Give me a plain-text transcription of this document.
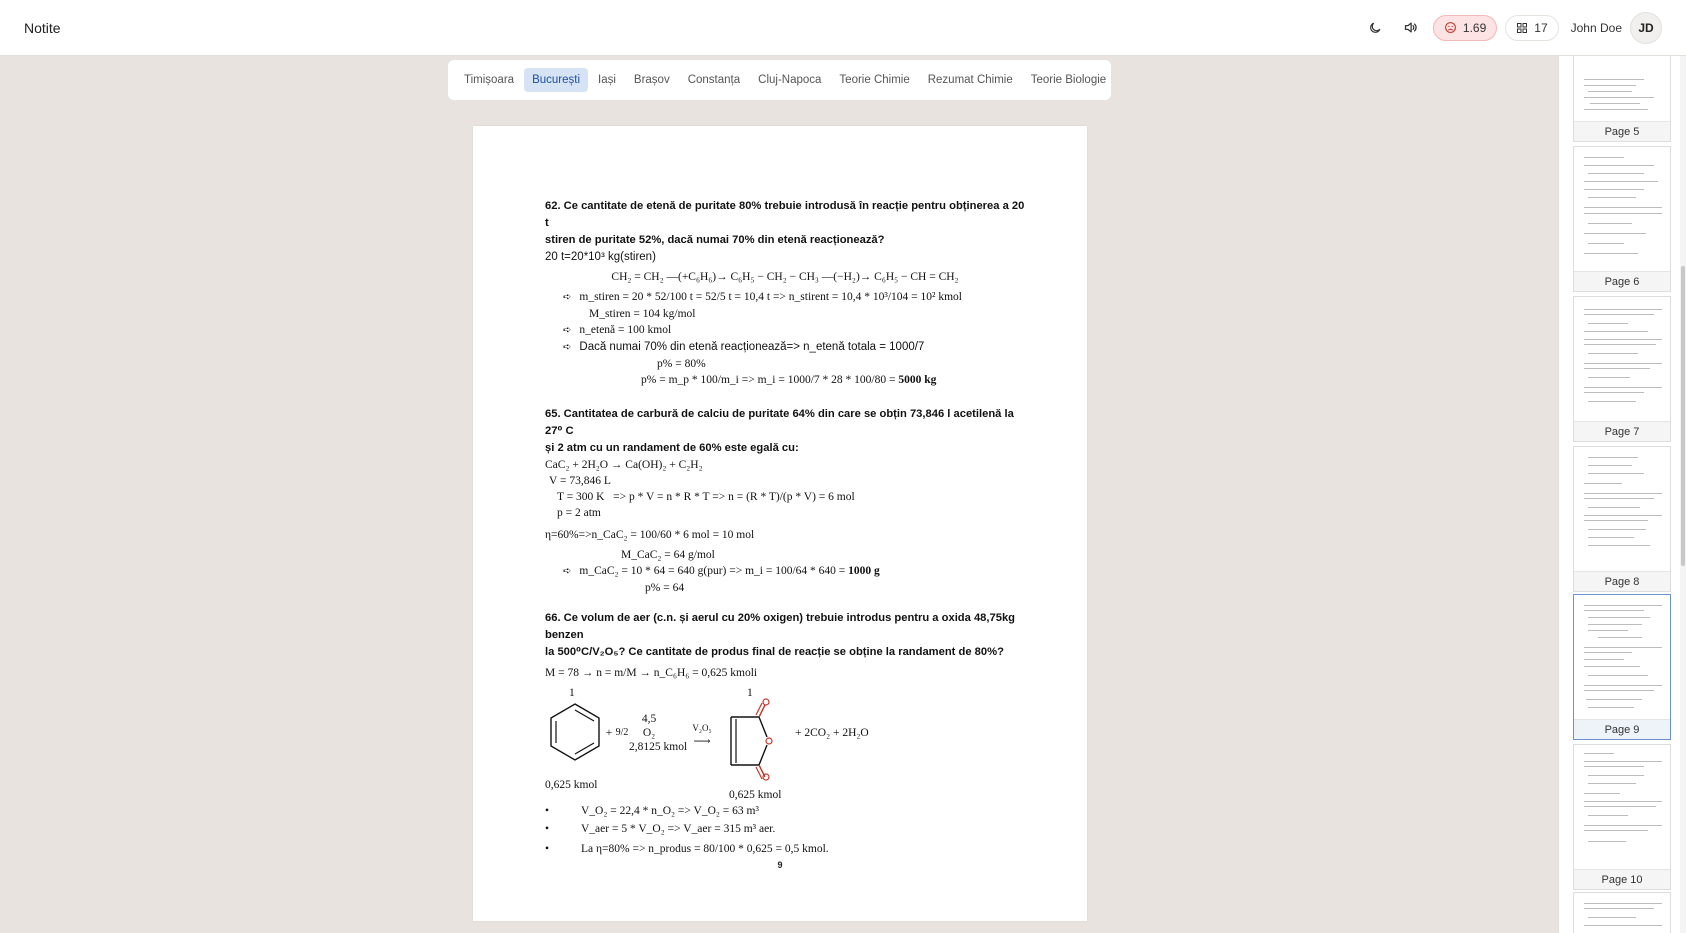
Notite	1.69	17 John Doe	JD
Timișoara	București	Iași	Brașov	Constanța	Cluj-Napoca	Teorie Chimie	Rezumat Chimie	Teorie Biologie
62. Ce cantitate de etenă de puritate 80% trebuie introdusă în reacție pentru obținerea a 20 t
stiren de puritate 52%, dacă numai 70% din etenă reacționează?
20 t=20*10³ kg(stiren)
CH₂ = CH₂ —(+C₆H₆)→ C₆H₅ − CH₂ − CH₃ —(−H₂)→ C₆H₅ − CH = CH₂
➪ m_stiren = 20 * 52/100 t = 52/5 t = 10,4 t => n_stirent = 10,4 * 10³/104 = 10² kmol
M_stiren = 104 kg/mol
➪ n_etenă = 100 kmol
➪ Dacă numai 70% din etenă reacționează=> n_etenă totala = 1000/7
p% = 80%
p% = m_p * 100/m_i => m_i = 1000/7 * 28 * 100/80 = 5000 kg
65. Cantitatea de carbură de calciu de puritate 64% din care se obțin 73,846 l acetilenă la 27⁰ C
și 2 atm cu un randament de 60% este egală cu:
CaC₂ + 2H₂O → Ca(OH)₂ + C₂H₂
V = 73,846 L
T = 300 K => p * V = n * R * T => n = (R * T)/(p * V) = 6 mol
p = 2 atm
η=60%=>n_CaC₂ = 100/60 * 6 mol = 10 mol
M_CaC₂ = 64 g/mol
➪ m_CaC₂ = 10 * 64 = 640 g(pur) => m_i = 100/64 * 640 = 1000 g
p% = 64
66. Ce volum de aer (c.n. și aerul cu 20% oxigen) trebuie introdus pentru a oxida 48,75kg benzen
la 500⁰C/V₂O₅? Ce cantitate de produs final de reacție se obține la randament de 80%?
M = 78 → n = m/M → n_C₆H₆ = 0,625 kmoli
1
+ 9/2
4,5
O₂
2,8125 kmol
V₂O₅
⟶
1
+ 2CO₂ + 2H₂O
0,625 kmol
0,625 kmol
•	V_O₂ = 22,4 * n_O₂ => V_O₂ = 63 m³
•	V_aer = 5 * V_O₂ => V_aer = 315 m³ aer.
•	La η=80% => n_produs = 80/100 * 0,625 = 0,5 kmol.
9
Page 5
Page 6
Page 7
Page 8
Page 9
Page 10
